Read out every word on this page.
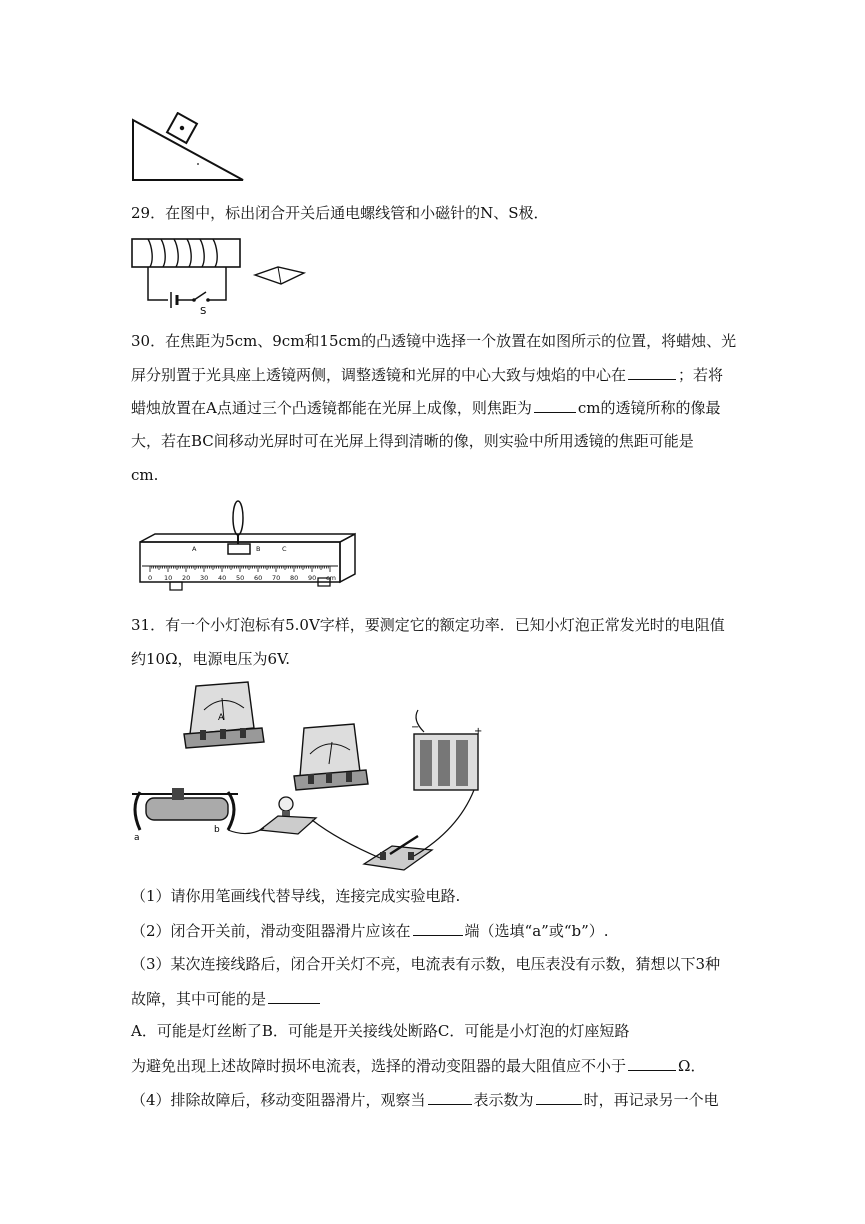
29．在图中，标出闭合开关后通电螺线管和小磁针的N、S极．
S
30．在焦距为5cm、9cm和15cm的凸透镜中选择一个放置在如图所示的位置，将蜡烛、光
屏分别置于光具座上透镜两侧，调整透镜和光屏的中心大致与烛焰的中心在	；若将
蜡烛放置在A点通过三个凸透镜都能在光屏上成像，则焦距为	cm的透镜所称的像最
大，若在BC间移动光屏时可在光屏上得到清晰的像，则实验中所用透镜的焦距可能是
cm.
0 10 20 30 40 50 60 70 80 90 cm
A	B	C
31．有一个小灯泡标有5.0V字样，要测定它的额定功率．已知小灯泡正常发光时的电阻值
约10Ω，电源电压为6V.
A
−	+
a
b
（1）请你用笔画线代替导线，连接完成实验电路.
（2）闭合开关前，滑动变阻器滑片应该在	端（选填“a”或“b”）.
（3）某次连接线路后，闭合开关灯不亮，电流表有示数，电压表没有示数，猜想以下3种
故障，其中可能的是
A．可能是灯丝断了B．可能是开关接线处断路C．可能是小灯泡的灯座短路
为避免出现上述故障时损坏电流表，选择的滑动变阻器的最大阻值应不小于	Ω．
（4）排除故障后，移动变阻器滑片，观察当	表示数为	时，再记录另一个电
